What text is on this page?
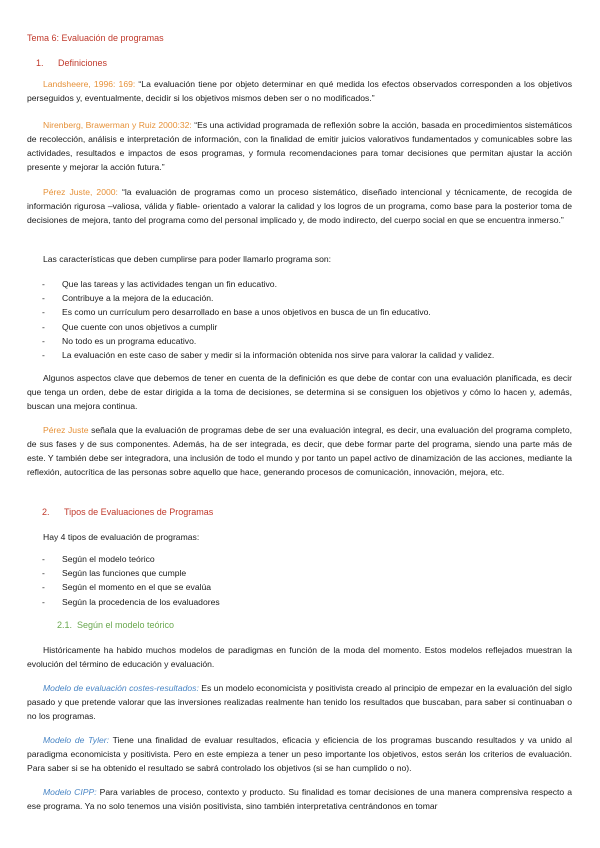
Tema 6: Evaluación de programas
1. Definiciones

Landsheere, 1996: 169: “La evaluación tiene por objeto determinar en qué medida los efectos observados corresponden a los objetivos perseguidos y, eventualmente, decidir si los objetivos mismos deben ser o no modificados.”

Nirenberg, Brawerman y Ruiz 2000:32: “Es una actividad programada de reflexión sobre la acción, basada en procedimientos sistemáticos de recolección, análisis e interpretación de información, con la finalidad de emitir juicios valorativos fundamentados y comunicables sobre las actividades, resultados e impactos de esos programas, y formula recomendaciones para tomar decisiones que permitan ajustar la acción presente y mejorar la acción futura.”

Pérez Juste, 2000: “la evaluación de programas como un proceso sistemático, diseñado intencional y técnicamente, de recogida de información rigurosa –valiosa, válida y fiable- orientado a valorar la calidad y los logros de un programa, como base para la posterior toma de decisiones de mejora, tanto del programa como del personal implicado y, de modo indirecto, del cuerpo social en que se encuentra inmerso.”

Las características que deben cumplirse para poder llamarlo programa son:

- Que las tareas y las actividades tengan un fin educativo.
- Contribuye a la mejora de la educación.
- Es como un currículum pero desarrollado en base a unos objetivos en busca de un fin educativo.
- Que cuente con unos objetivos a cumplir
- No todo es un programa educativo.
- La evaluación en este caso de saber y medir si la información obtenida nos sirve para valorar la calidad y validez.

Algunos aspectos clave que debemos de tener en cuenta de la definición es que debe de contar con una evaluación planificada, es decir que tenga un orden, debe de estar dirigida a la toma de decisiones, se determina si se consiguen los objetivos y cómo lo hacen y, además, buscan una mejora continua.

Pérez Juste señala que la evaluación de programas debe de ser una evaluación integral, es decir, una evaluación del programa completo, de sus fases y de sus componentes. Además, ha de ser integrada, es decir, que debe formar parte del programa, siendo una parte más de este. Y también debe ser integradora, una inclusión de todo el mundo y por tanto un papel activo de dinamización de las acciones, mediante la reflexión, autocrítica de las personas sobre aquello que hace, generando procesos de comunicación, innovación, mejora, etc.

2. Tipos de Evaluaciones de Programas

Hay 4 tipos de evaluación de programas:

- Según el modelo teórico
- Según las funciones que cumple
- Según el momento en el que se evalúa
- Según la procedencia de los evaluadores
2.1. Según el modelo teórico

Históricamente ha habido muchos modelos de paradigmas en función de la moda del momento. Estos modelos reflejados muestran la evolución del término de educación y evaluación.

Modelo de evaluación costes-resultados: Es un modelo economicista y positivista creado al principio de empezar en la evaluación del siglo pasado y que pretende valorar que las inversiones realizadas realmente han tenido los resultados que buscaban, para saber si continuaban o no los programas.

Modelo de Tyler: Tiene una finalidad de evaluar resultados, eficacia y eficiencia de los programas buscando resultados y va unido al paradigma economicista y positivista. Pero en este empieza a tener un peso importante los objetivos, estos serán los criterios de evaluación. Para saber si se ha obtenido el resultado se sabrá controlado los objetivos (si se han cumplido o no).

Modelo CIPP: Para variables de proceso, contexto y producto. Su finalidad es tomar decisiones de una manera comprensiva respecto a ese programa. Ya no solo tenemos una visión positivista, sino también interpretativa centrándonos en tomar
